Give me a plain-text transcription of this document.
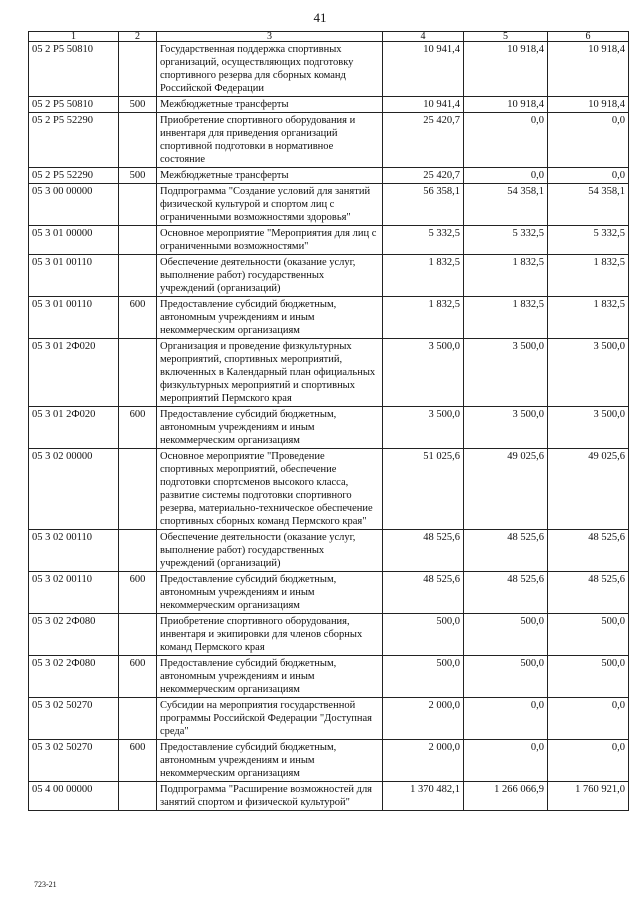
41
1	2	3	4	5	6
05 2 P5 50810		Государственная поддержка спортивных организаций, осуществляющих подготовку спортивного резерва для сборных команд Российской Федерации	10 941,4	10 918,4	10 918,4
05 2 P5 50810	500	Межбюджетные трансферты	10 941,4	10 918,4	10 918,4
05 2 P5 52290		Приобретение спортивного оборудования и инвентаря для приведения организаций спортивной подготовки в нормативное состояние	25 420,7	0,0	0,0
05 2 P5 52290	500	Межбюджетные трансферты	25 420,7	0,0	0,0
05 3 00 00000		Подпрограмма "Создание условий для занятий физической культурой и спортом лиц с ограниченными возможностями здоровья"	56 358,1	54 358,1	54 358,1
05 3 01 00000		Основное мероприятие "Мероприятия для лиц с ограниченными возможностями"	5 332,5	5 332,5	5 332,5
05 3 01 00110		Обеспечение деятельности (оказание услуг, выполнение работ) государственных учреждений (организаций)	1 832,5	1 832,5	1 832,5
05 3 01 00110	600	Предоставление субсидий бюджетным, автономным учреждениям и иным некоммерческим организациям	1 832,5	1 832,5	1 832,5
05 3 01 2Ф020		Организация и проведение физкультурных мероприятий, спортивных мероприятий, включенных в Календарный план официальных физкультурных мероприятий и спортивных мероприятий Пермского края	3 500,0	3 500,0	3 500,0
05 3 01 2Ф020	600	Предоставление субсидий бюджетным, автономным учреждениям и иным некоммерческим организациям	3 500,0	3 500,0	3 500,0
05 3 02 00000		Основное мероприятие "Проведение спортивных мероприятий, обеспечение подготовки спортсменов высокого класса, развитие системы подготовки спортивного резерва, материально-техническое обеспечение спортивных сборных команд Пермского края"	51 025,6	49 025,6	49 025,6
05 3 02 00110		Обеспечение деятельности (оказание услуг, выполнение работ) государственных учреждений (организаций)	48 525,6	48 525,6	48 525,6
05 3 02 00110	600	Предоставление субсидий бюджетным, автономным учреждениям и иным некоммерческим организациям	48 525,6	48 525,6	48 525,6
05 3 02 2Ф080		Приобретение спортивного оборудования, инвентаря и экипировки для членов сборных команд Пермского края	500,0	500,0	500,0
05 3 02 2Ф080	600	Предоставление субсидий бюджетным, автономным учреждениям и иным некоммерческим организациям	500,0	500,0	500,0
05 3 02 50270		Субсидии на мероприятия государственной программы Российской Федерации "Доступная среда"	2 000,0	0,0	0,0
05 3 02 50270	600	Предоставление субсидий бюджетным, автономным учреждениям и иным некоммерческим организациям	2 000,0	0,0	0,0
05 4 00 00000		Подпрограмма "Расширение возможностей для занятий спортом и физической культурой"	1 370 482,1	1 266 066,9	1 760 921,0
723-21
